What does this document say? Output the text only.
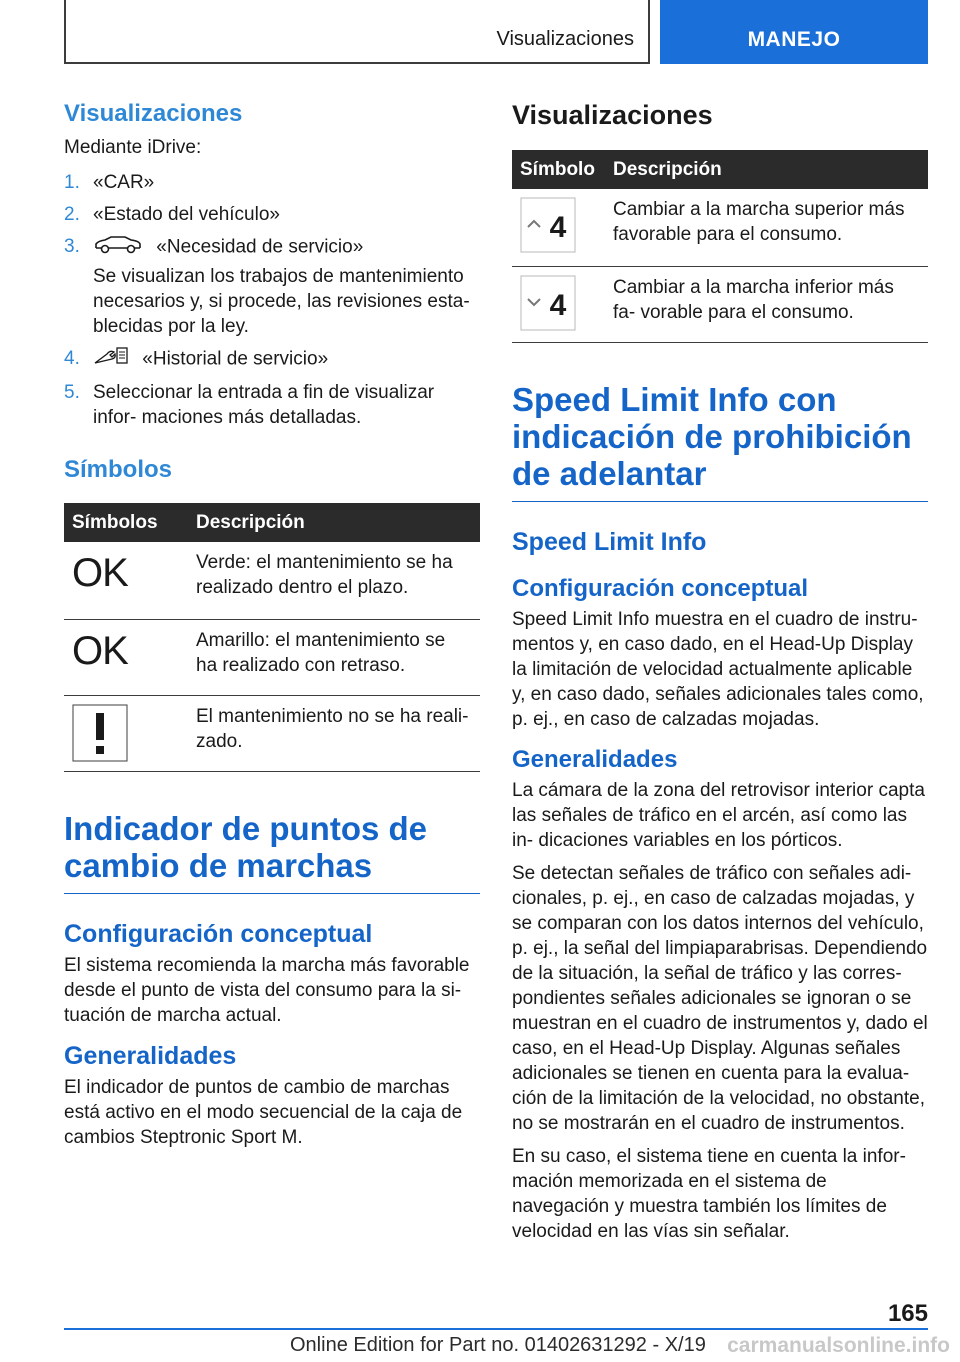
Visualizaciones	MANEJO
Visualizaciones
Mediante iDrive:
1. «CAR»
2. «Estado del vehículo»
3.	«Necesidad de servicio»
Se visualizan los trabajos de mantenimiento necesarios y, si procede, las revisiones esta- blecidas por la ley.
4.	«Historial de servicio»
5. Seleccionar la entrada a fin de visualizar infor- maciones más detalladas.
Símbolos
Símbolos	Descripción
OK	Verde: el mantenimiento se ha realizado dentro el plazo.
OK	Amarillo: el mantenimiento se ha realizado con retraso.
	El mantenimiento no se ha reali- zado.
Indicador de puntos de cambio de marchas
Configuración conceptual
El sistema recomienda la marcha más favorable desde el punto de vista del consumo para la si- tuación de marcha actual.
Generalidades
El indicador de puntos de cambio de marchas está activo en el modo secuencial de la caja de cambios Steptronic Sport M.
Visualizaciones
Símbolo	Descripción

4	Cambiar a la marcha superior más favorable para el consumo.

4	Cambiar a la marcha inferior más fa- vorable para el consumo.
Speed Limit Info con indicación de prohibición de adelantar
Speed Limit Info
Configuración conceptual
Speed Limit Info muestra en el cuadro de instru- mentos y, en caso dado, en el Head-Up Display la limitación de velocidad actualmente aplicable y, en caso dado, señales adicionales tales como, p. ej., en caso de calzadas mojadas.
Generalidades
La cámara de la zona del retrovisor interior capta las señales de tráfico en el arcén, así como las in- dicaciones variables en los pórticos.
Se detectan señales de tráfico con señales adi- cionales, p. ej., en caso de calzadas mojadas, y se comparan con los datos internos del vehículo, p. ej., la señal del limpiaparabrisas. Dependiendo de la situación, la señal de tráfico y las corres- pondientes señales adicionales se ignoran o se muestran en el cuadro de instrumentos y, dado el caso, en el Head-Up Display. Algunas señales adicionales se tienen en cuenta para la evalua- ción de la limitación de la velocidad, no obstante, no se mostrarán en el cuadro de instrumentos.
En su caso, el sistema tiene en cuenta la infor- mación memorizada en el sistema de navegación y muestra también los límites de velocidad en las vías sin señalar.
165
Online Edition for Part no. 01402631292 - X/19 carmanualsonline.info
